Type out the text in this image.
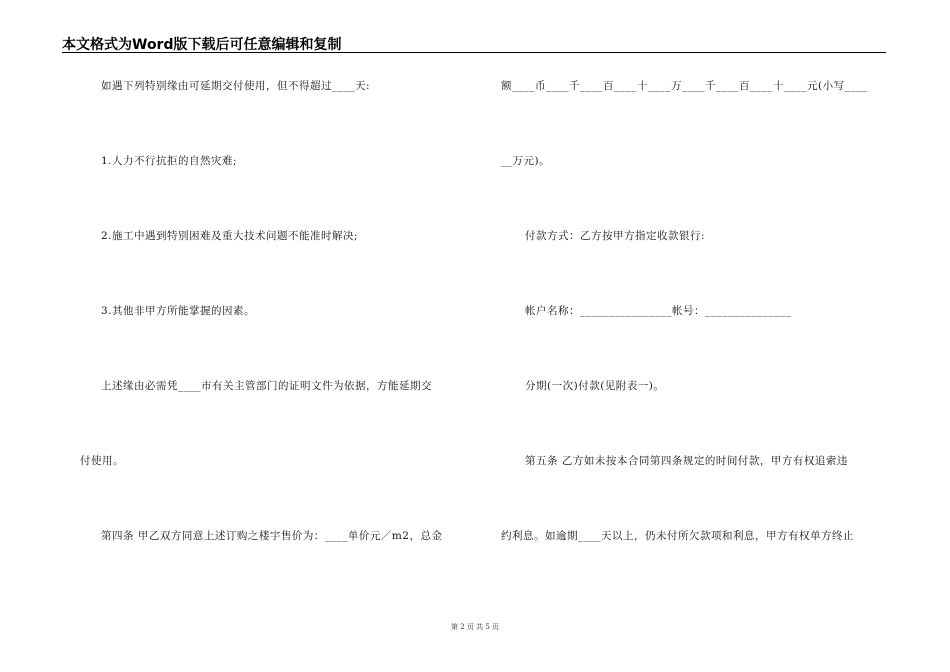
本文格式为Word版下载后可任意编辑和复制
如遇下列特别缘由可延期交付使用，但不得超过____天:
1.人力不行抗拒的自然灾难;
2.施工中遇到特别困难及重大技术问题不能准时解决;
3.其他非甲方所能掌握的因素。
上述缘由必需凭____市有关主管部门的证明文件为依据，方能延期交
付使用。
第四条 甲乙双方同意上述订购之楼宇售价为：____单价元／m2，总金
额____币____千____百____十____万____千____百____十____元(小写____
__万元)。
付款方式：乙方按甲方指定收款银行:
帐户名称：________________帐号：_______________
分期(一次)付款(见附表一)。
第五条 乙方如未按本合同第四条规定的时间付款，甲方有权追索违
约利息。如逾期____天以上，仍未付所欠款项和利息，甲方有权单方终止
第 2 页 共 5 页
